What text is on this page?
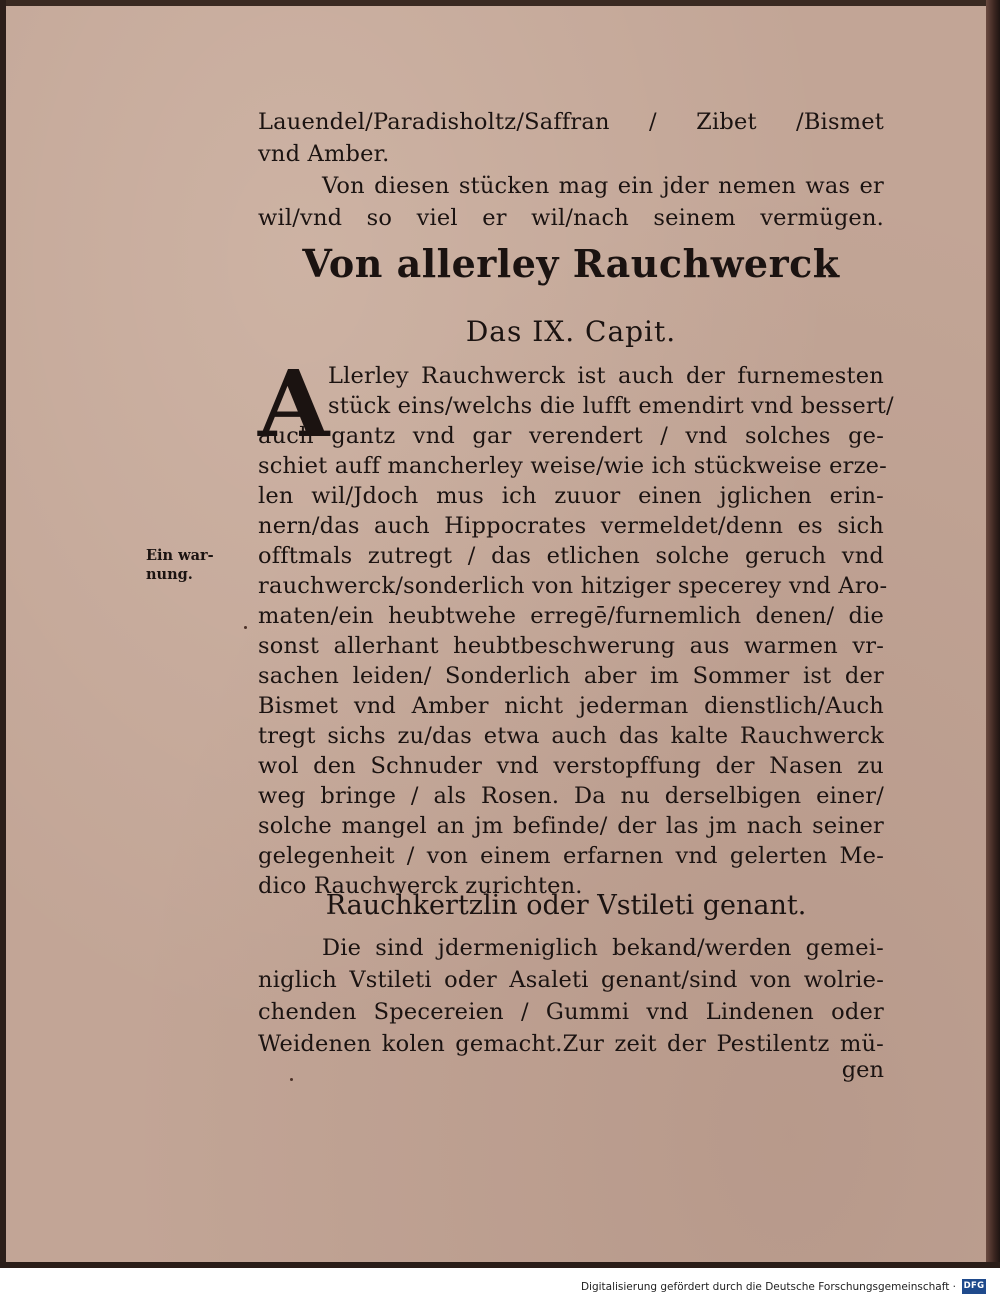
Lauendel/Paradisholtz/Saffran / Zibet /Bismet
vnd Amber.
Von diesen stücken mag ein jder nemen was er
wil/vnd so viel er wil/nach seinem vermügen.
Von allerley Rauchwerck
Das IX. Capit.
A
Llerley Rauchwerck ist auch der furnemesten
stück eins/welchs die lufft emendirt vnd bessert/
auch gantz vnd gar verendert / vnd solches ge-
schiet auff mancherley weise/wie ich stückweise erze-
len wil/Jdoch mus ich zuuor einen jglichen erin-
nern/das auch Hippocrates vermeldet/denn es sich
offtmals zutregt / das etlichen solche geruch vnd
rauchwerck/sonderlich von hitziger specerey vnd Aro-
maten/ein heubtwehe erregē/furnemlich denen/ die
sonst allerhant heubtbeschwerung aus warmen vr-
sachen leiden/ Sonderlich aber im Sommer ist der
Bismet vnd Amber nicht jederman dienstlich/Auch
tregt sichs zu/das etwa auch das kalte Rauchwerck
wol den Schnuder vnd verstopffung der Nasen zu
weg bringe / als Rosen. Da nu derselbigen einer/
solche mangel an jm befinde/ der las jm nach seiner
gelegenheit / von einem erfarnen vnd gelerten Me-
Ein war-
nung.
Rauchkertzlin oder Vstileti genant.
Die sind jdermeniglich bekand/werden gemei-
niglich Vstileti oder Asaleti genant/sind von wolrie-
chenden Specereien / Gummi vnd Lindenen oder
Weidenen kolen gemacht.Zur zeit der Pestilentz mü-
gen
dico Rauchwerck zurichten.
Digitalisierung gefördert durch die Deutsche Forschungsgemeinschaft · DFG
